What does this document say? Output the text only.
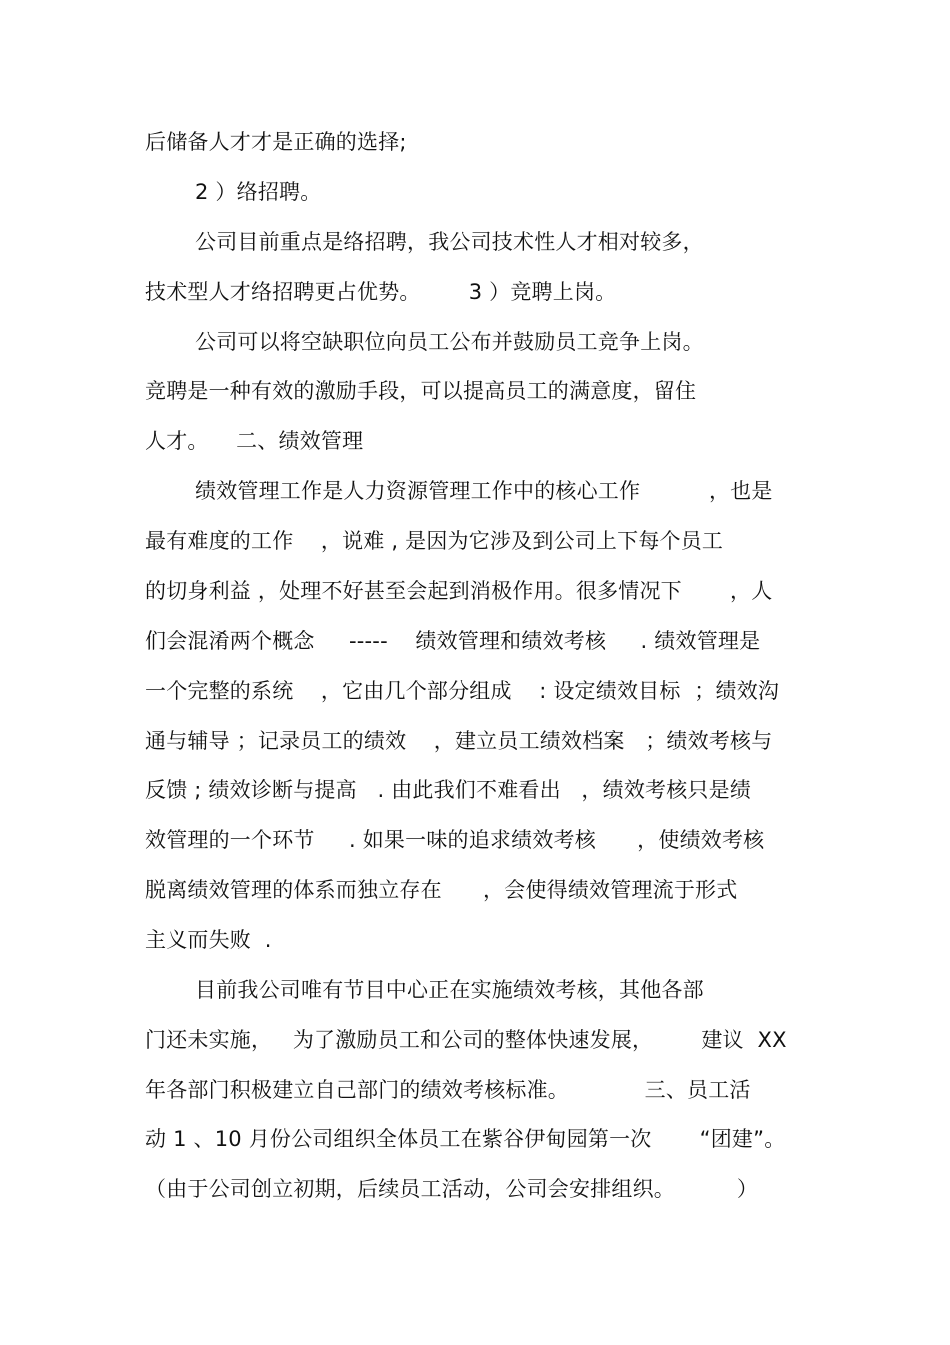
后储备人才才是正确的选择;
2 ）络招聘。
公司目前重点是络招聘，我公司技术性人才相对较多，
技术型人才络招聘更占优势。       3 ）竞聘上岗。
公司可以将空缺职位向员工公布并鼓励员工竞争上岗。
竞聘是一种有效的激励手段，可以提高员工的满意度，留住
人才。    二、绩效管理
绩效管理工作是人力资源管理工作中的核心工作          ，也是
最有难度的工作    ，说难 , 是因为它涉及到公司上下每个员工
的切身利益 ，处理不好甚至会起到消极作用。很多情况下       ，人
们会混淆两个概念     -----    绩效管理和绩效考核     . 绩效管理是
一个完整的系统    ，它由几个部分组成    : 设定绩效目标  ；绩效沟
通与辅导 ；记录员工的绩效    ，建立员工绩效档案   ；绩效考核与
反馈 ; 绩效诊断与提高   . 由此我们不难看出   ，绩效考核只是绩
效管理的一个环节     . 如果一味的追求绩效考核      ，使绩效考核
脱离绩效管理的体系而独立存在      ，会使得绩效管理流于形式
主义而失败  .
目前我公司唯有节目中心正在实施绩效考核，其他各部
门还未实施，   为了激励员工和公司的整体快速发展，       建议  XX
年各部门积极建立自己部门的绩效考核标准。           三、员工活
动 1 、10 月份公司组织全体员工在紫谷伊甸园第一次       “团建”。
（由于公司创立初期，后续员工活动，公司会安排组织。         ）
